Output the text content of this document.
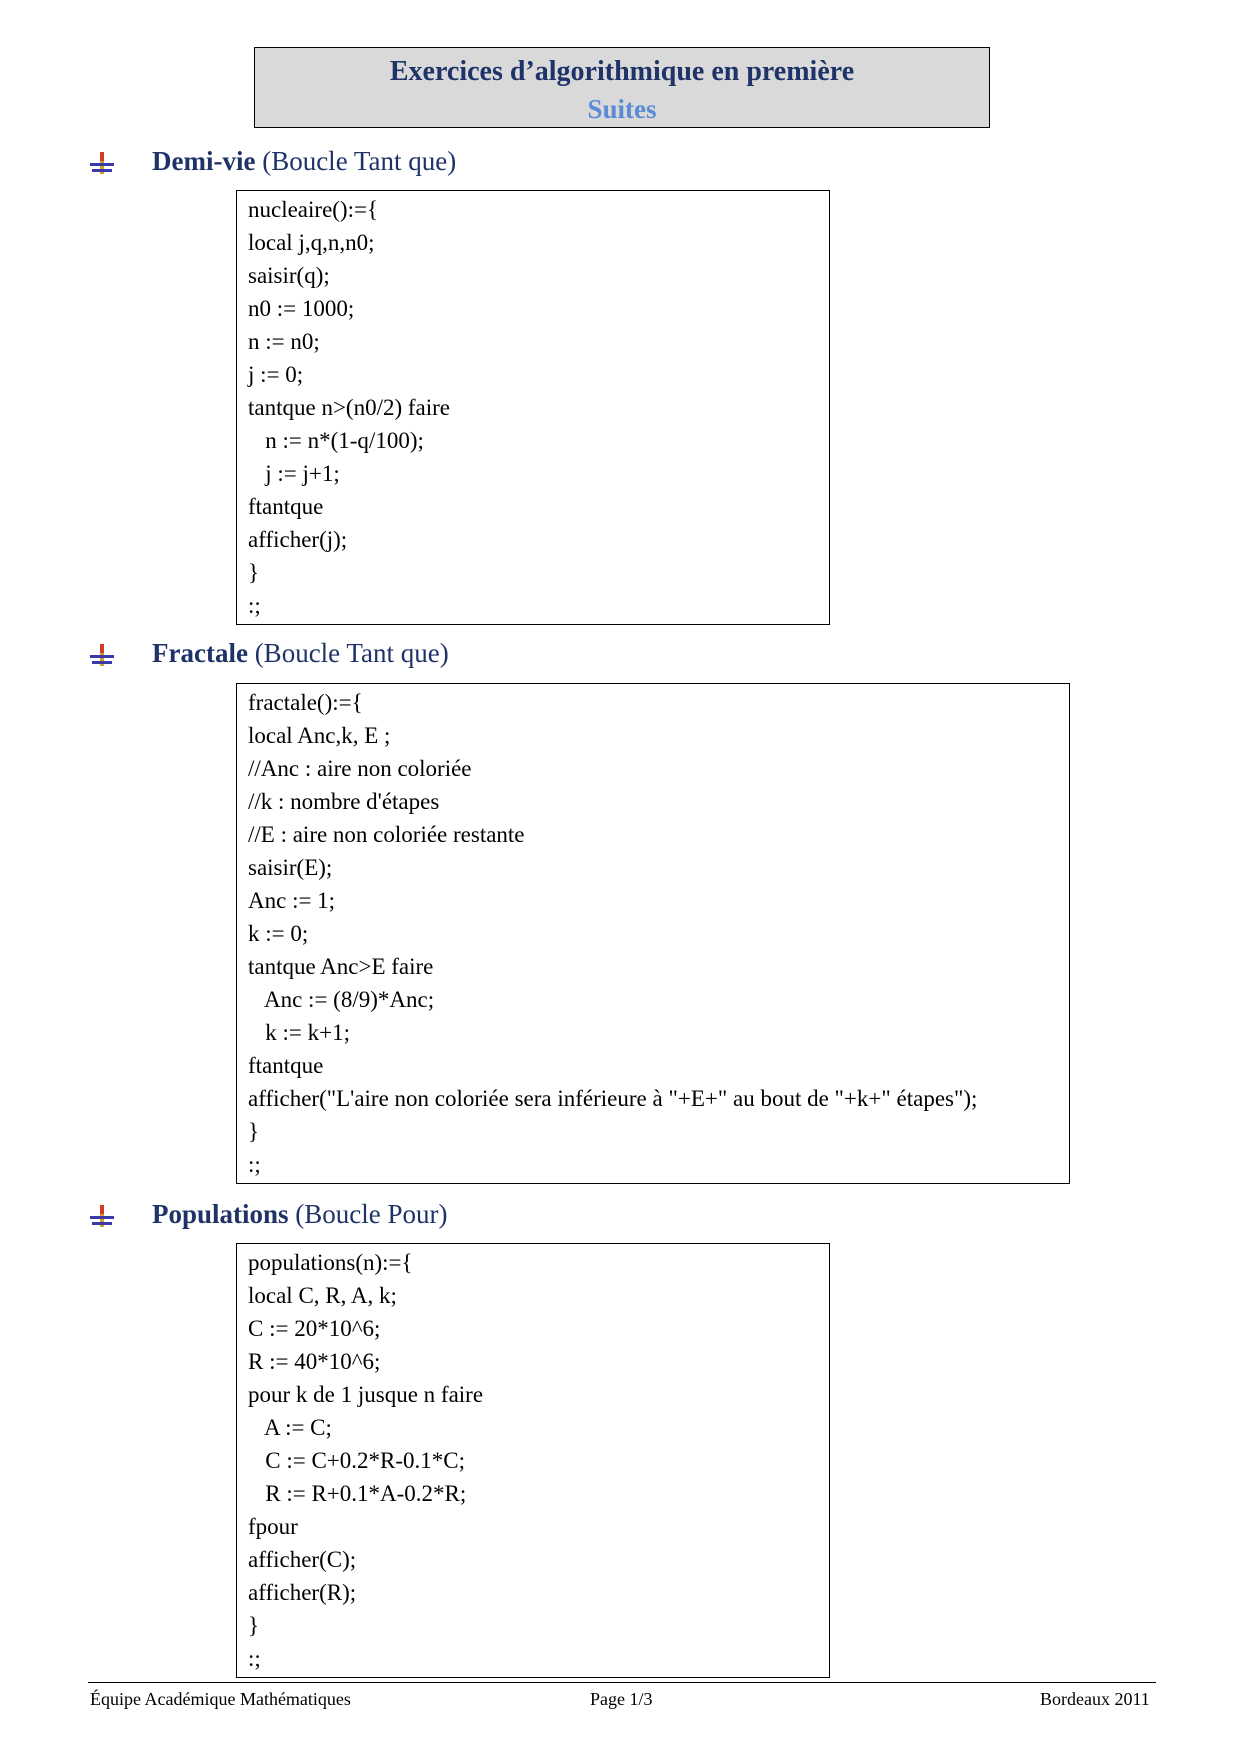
Exercices d’algorithmique en première
Suites
Demi-vie (Boucle Tant que)
nucleaire():={
local j,q,n,n0;
saisir(q);
n0 := 1000;
n := n0;
j := 0;
tantque n>(n0/2) faire
n := n*(1-q/100);
j := j+1;
ftantque
afficher(j);
}
:;
Fractale (Boucle Tant que)
fractale():={
local Anc,k, E ;
//Anc : aire non coloriée
//k : nombre d'étapes
//E : aire non coloriée restante
saisir(E);
Anc := 1;
k := 0;
tantque Anc>E faire
Anc := (8/9)*Anc;
k := k+1;
ftantque
afficher("L'aire non coloriée sera inférieure à "+E+" au bout de "+k+" étapes");
}
:;
Populations (Boucle Pour)
populations(n):={
local C, R, A, k;
C := 20*10^6;
R := 40*10^6;
pour k de 1 jusque n faire
A := C;
C := C+0.2*R-0.1*C;
R := R+0.1*A-0.2*R;
fpour
afficher(C);
afficher(R);
}
:;
Équipe Académique Mathématiques	Page 1/3	Bordeaux 2011
